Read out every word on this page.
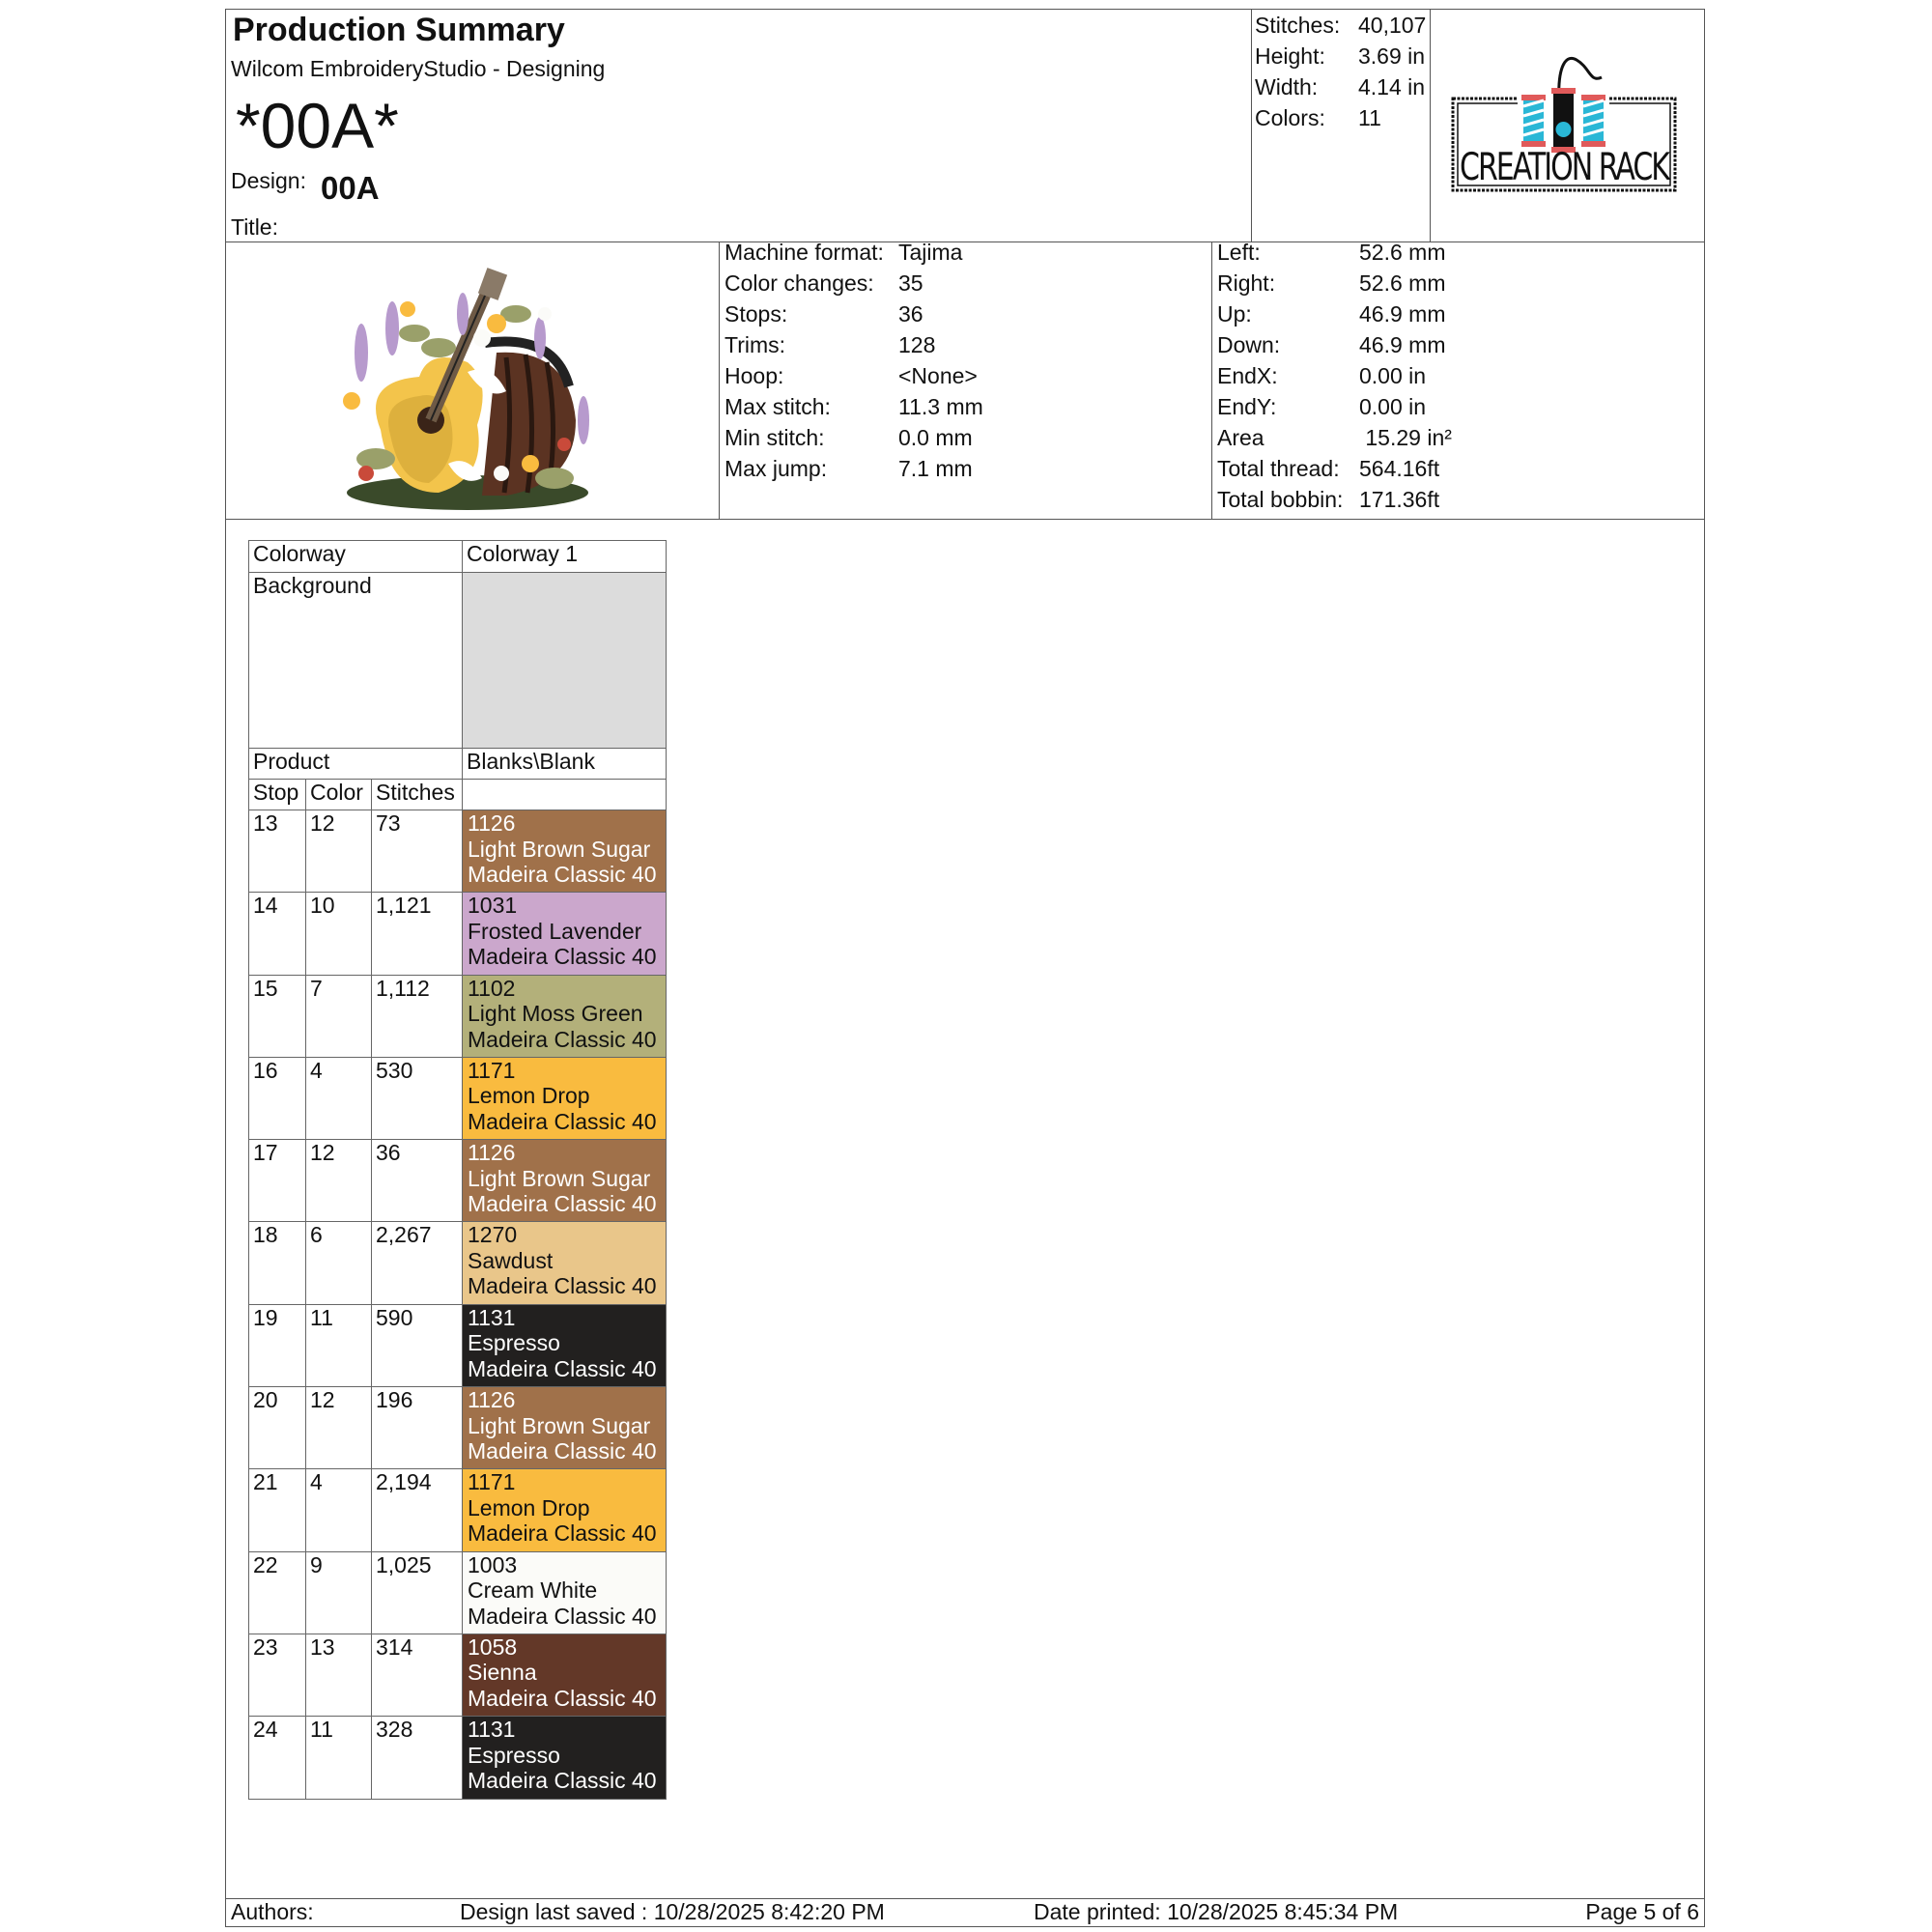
Production Summary
Wilcom EmbroideryStudio - Designing
*00A*
Design: 00A
Title:
Stitches: 40,107
Height: 3.69 in
Width: 4.14 in
Colors: 11
CREATION RACK
Machine format: Tajima
Color changes: 35
Stops:	36
Trims:	128
Hoop:	<None>
Max stitch:	11.3 mm
Min stitch:	0.0 mm
Max jump:	7.1 mm
Left:	52.6 mm
Right:	52.6 mm
Up:	46.9 mm
Down:	46.9 mm
EndX:	0.00 in
EndY:	0.00 in
Area	15.29 in²
Total thread: 564.16ft
Total bobbin: 171.36ft
Colorway			Colorway 1
Background			
Product			Blanks\Blank
Stop	Color	Stitches	
13	12	73	1126
Light Brown Sugar
Madeira Classic 40

14	10	1,121	1031
Frosted Lavender
Madeira Classic 40

15	7	1,112	1102
Light Moss Green
Madeira Classic 40

16	4	530	1171
Lemon Drop
Madeira Classic 40

17	12	36	1126
Light Brown Sugar
Madeira Classic 40

18	6	2,267	1270
Sawdust
Madeira Classic 40

19	11	590	1131
Espresso
Madeira Classic 40

20	12	196	1126
Light Brown Sugar
Madeira Classic 40

21	4	2,194	1171
Lemon Drop
Madeira Classic 40

22	9	1,025	1003
Cream White
Madeira Classic 40

23	13	314	1058
Sienna
Madeira Classic 40

24	11	328	1131
Espresso
Madeira Classic 40
Authors:	Design last saved : 10/28/2025 8:42:20 PM	Date printed: 10/28/2025 8:45:34 PM	Page 5 of 6
